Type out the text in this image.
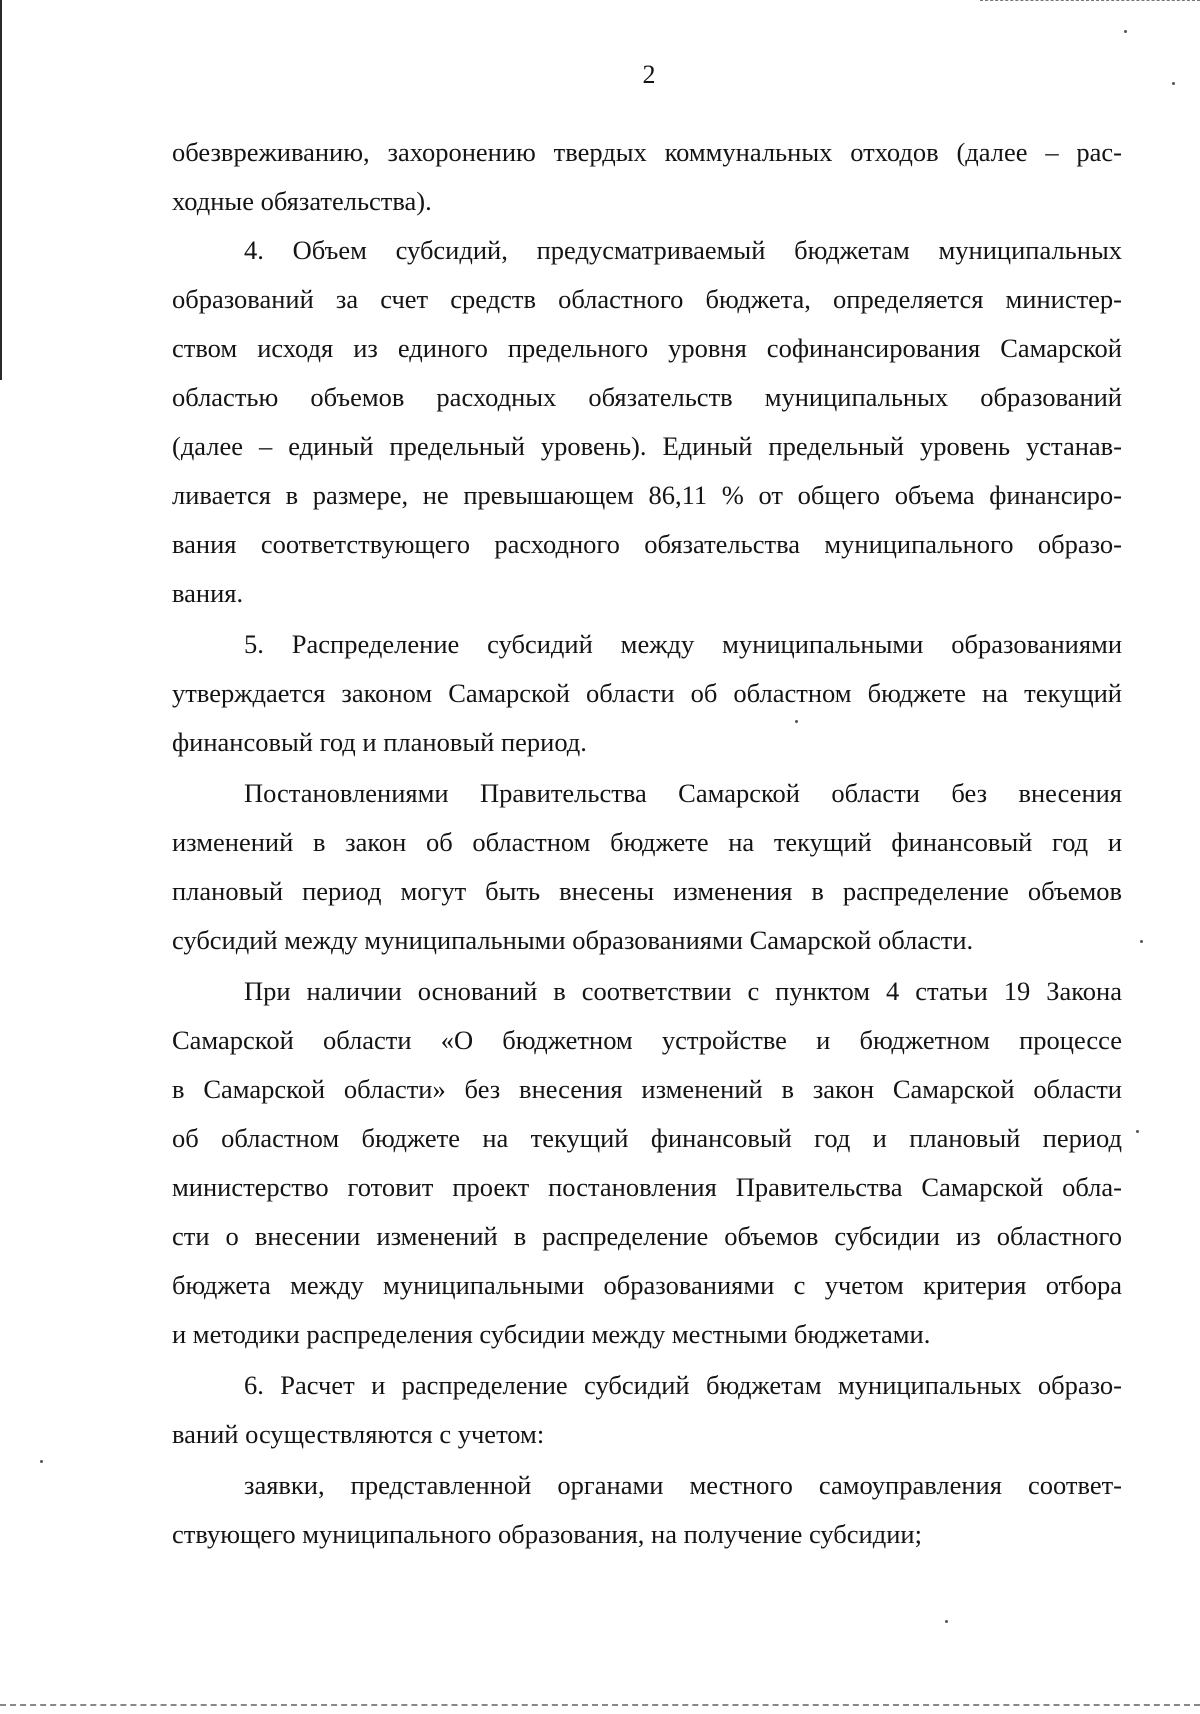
2
обезвреживанию, захоронению твердых коммунальных отходов (далее – рас-
ходные обязательства).
4. Объем субсидий, предусматриваемый бюджетам муниципальных
образований за счет средств областного бюджета, определяется министер-
ством исходя из единого предельного уровня софинансирования Самарской
областью объемов расходных обязательств муниципальных образований
(далее – единый предельный уровень). Единый предельный уровень устанав-
ливается в размере, не превышающем 86,11 % от общего объема финансиро-
вания соответствующего расходного обязательства муниципального образо-
вания.
5. Распределение субсидий между муниципальными образованиями
утверждается законом Самарской области об областном бюджете на текущий
финансовый год и плановый период.
Постановлениями Правительства Самарской области без внесения
изменений в закон об областном бюджете на текущий финансовый год и
плановый период могут быть внесены изменения в распределение объемов
субсидий между муниципальными образованиями Самарской области.
При наличии оснований в соответствии с пунктом 4 статьи 19 Закона
Самарской области «О бюджетном устройстве и бюджетном процессе
в Самарской области» без внесения изменений в закон Самарской области
об областном бюджете на текущий финансовый год и плановый период
министерство готовит проект постановления Правительства Самарской обла-
сти о внесении изменений в распределение объемов субсидии из областного
бюджета между муниципальными образованиями с учетом критерия отбора
и методики распределения субсидии между местными бюджетами.
6. Расчет и распределение субсидий бюджетам муниципальных образо-
ваний осуществляются с учетом:
заявки, представленной органами местного самоуправления соответ-
ствующего муниципального образования, на получение субсидии;
